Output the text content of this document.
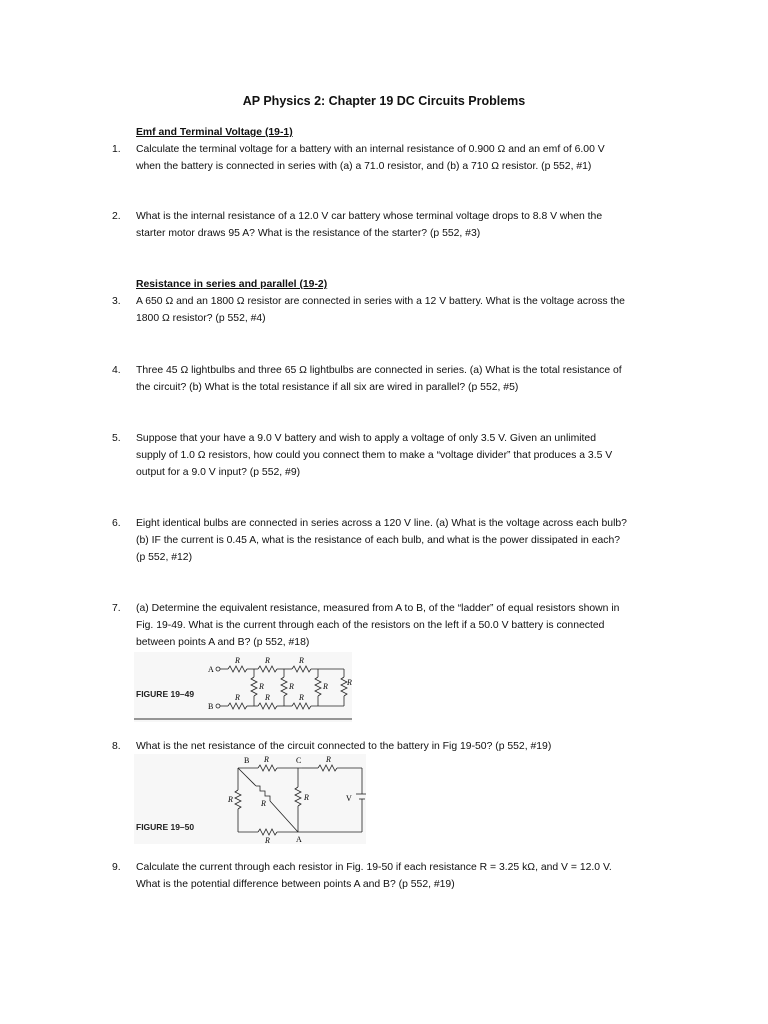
AP Physics 2: Chapter 19 DC Circuits Problems
Emf and Terminal Voltage (19-1)
1. Calculate the terminal voltage for a battery with an internal resistance of 0.900 Ω and an emf of 6.00 V
when the battery is connected in series with (a) a 71.0 resistor, and (b) a 710 Ω resistor. (p 552, #1)
2. What is the internal resistance of a 12.0 V car battery whose terminal voltage drops to 8.8 V when the
starter motor draws 95 A? What is the resistance of the starter? (p 552, #3)
Resistance in series and parallel (19-2)
3. A 650 Ω and an 1800 Ω resistor are connected in series with a 12 V battery. What is the voltage across the
1800 Ω resistor? (p 552, #4)
4. Three 45 Ω lightbulbs and three 65 Ω lightbulbs are connected in series. (a) What is the total resistance of
the circuit? (b) What is the total resistance if all six are wired in parallel? (p 552, #5)
5. Suppose that your have a 9.0 V battery and wish to apply a voltage of only 3.5 V. Given an unlimited
supply of 1.0 Ω resistors, how could you connect them to make a “voltage divider” that produces a 3.5 V
output for a 9.0 V input? (p 552, #9)
6. Eight identical bulbs are connected in series across a 120 V line. (a) What is the voltage across each bulb?
(b) IF the current is 0.45 A, what is the resistance of each bulb, and what is the power dissipated in each?
(p 552, #12)
7. (a) Determine the equivalent resistance, measured from A to B, of the “ladder” of equal resistors shown in
Fig. 19-49. What is the current through each of the resistors on the left if a 50.0 V battery is connected
between points A and B? (p 552, #18)
FIGURE 19–49
A
B
R	R	R
R	R	R R
R	R	R
8. What is the net resistance of the circuit connected to the battery in Fig 19-50? (p 552, #19)
FIGURE 19–50
B	C
A
R	R
R	R
R
R
V
9. Calculate the current through each resistor in Fig. 19-50 if each resistance R = 3.25 kΩ, and V = 12.0 V.
What is the potential difference between points A and B? (p 552, #19)
